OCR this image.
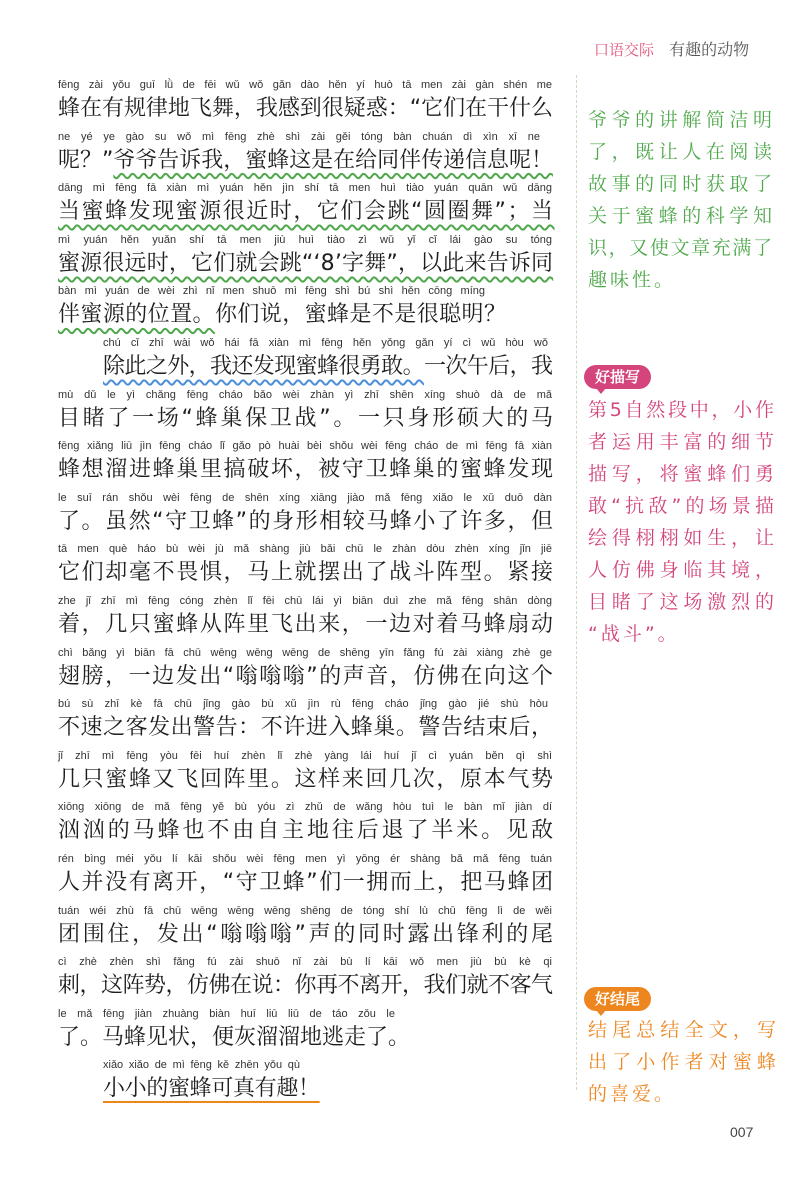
口语交际 有趣的动物
fēng zài yǒu guī lǜ de fēi wǔ wǒ gǎn dào hěn yí huò tā men zài gàn shén me
蜂在有规律地飞舞，我感到很疑惑：“它们在干什么
ne yé ye gào su wǒ mì fēng zhè shì zài gěi tóng bàn chuán dì xìn xī ne
呢？”爷爷告诉我，蜜蜂这是在给同伴传递信息呢！
dāng mì fēng fā xiàn mì yuán hěn jìn shí tā men huì tiào yuán quān wǔ dāng
当蜜蜂发现蜜源很近时，它们会跳“圆圈舞”；当
mì yuán hěn yuǎn shí tā men jiù huì tiào zì wǔ yǐ cǐ lái gào su tóng
蜜源很远时，它们就会跳“‘8’字舞”，以此来告诉同
bàn mì yuán de wèi zhì nǐ men shuō mì fēng shì bú shì hěn cōng míng
伴蜜源的位置。你们说，蜜蜂是不是很聪明？
chú cǐ zhī wài wǒ hái fā xiàn mì fēng hěn yǒng gǎn yí cì wǔ hòu wǒ
除此之外，我还发现蜜蜂很勇敢。一次午后，我
mù dǔ le yì chǎng fēng cháo bǎo wèi zhàn yì zhī shēn xíng shuò dà de mǎ
目睹了一场“蜂巢保卫战”。一只身形硕大的马
fēng xiǎng liū jìn fēng cháo lǐ gǎo pò huài bèi shǒu wèi fēng cháo de mì fēng fā xiàn
蜂想溜进蜂巢里搞破坏，被守卫蜂巢的蜜蜂发现
le suī rán shǒu wèi fēng de shēn xíng xiāng jiào mǎ fēng xiǎo le xǔ duō dàn
了。虽然“守卫蜂”的身形相较马蜂小了许多，但
tā men què háo bù wèi jù mǎ shàng jiù bǎi chū le zhàn dòu zhèn xíng jǐn jiē
它们却毫不畏惧，马上就摆出了战斗阵型。紧接
zhe jǐ zhī mì fēng cóng zhèn lǐ fēi chū lái yì biān duì zhe mǎ fēng shān dòng
着，几只蜜蜂从阵里飞出来，一边对着马蜂扇动
chì bǎng yì biān fā chū wēng wēng wēng de shēng yīn fǎng fú zài xiàng zhè ge
翅膀，一边发出“嗡嗡嗡”的声音，仿佛在向这个
bú sù zhī kè fā chū jǐng gào bù xǔ jìn rù fēng cháo jǐng gào jié shù hòu
不速之客发出警告：不许进入蜂巢。警告结束后，
jǐ zhī mì fēng yòu fēi huí zhèn lǐ zhè yàng lái huí jǐ cì yuán běn qì shì
几只蜜蜂又飞回阵里。这样来回几次，原本气势
xiōng xiōng de mǎ fēng yě bù yóu zì zhǔ de wǎng hòu tuì le bàn mǐ jiàn dí
汹汹的马蜂也不由自主地往后退了半米。见敌
rén bìng méi yǒu lí kāi shǒu wèi fēng men yì yōng ér shàng bǎ mǎ fēng tuán
人并没有离开，“守卫蜂”们一拥而上，把马蜂团
tuán wéi zhù fā chū wēng wēng wēng shēng de tóng shí lù chū fēng lì de wěi
团围住，发出“嗡嗡嗡”声的同时露出锋利的尾
cì zhè zhèn shì fǎng fú zài shuō nǐ zài bù lí kāi wǒ men jiù bù kè qi
刺，这阵势，仿佛在说：你再不离开，我们就不客气
le mǎ fēng jiàn zhuàng biàn huī liū liū de táo zǒu le
了。马蜂见状，便灰溜溜地逃走了。
xiǎo xiǎo de mì fēng kě zhēn yǒu qù
小小的蜜蜂可真有趣！
爷爷的讲解简洁明
了，既让人在阅读
故事的同时获取了
关于蜜蜂的科学知
识，又使文章充满了
趣味性。
好描写
第5自然段中，小作
者运用丰富的细节
描写，将蜜蜂们勇
敢“抗敌”的场景描
绘得栩栩如生，让
人仿佛身临其境，
目睹了这场激烈的
“战斗”。
好结尾
结尾总结全文，写
出了小作者对蜜蜂
的喜爱。
007
